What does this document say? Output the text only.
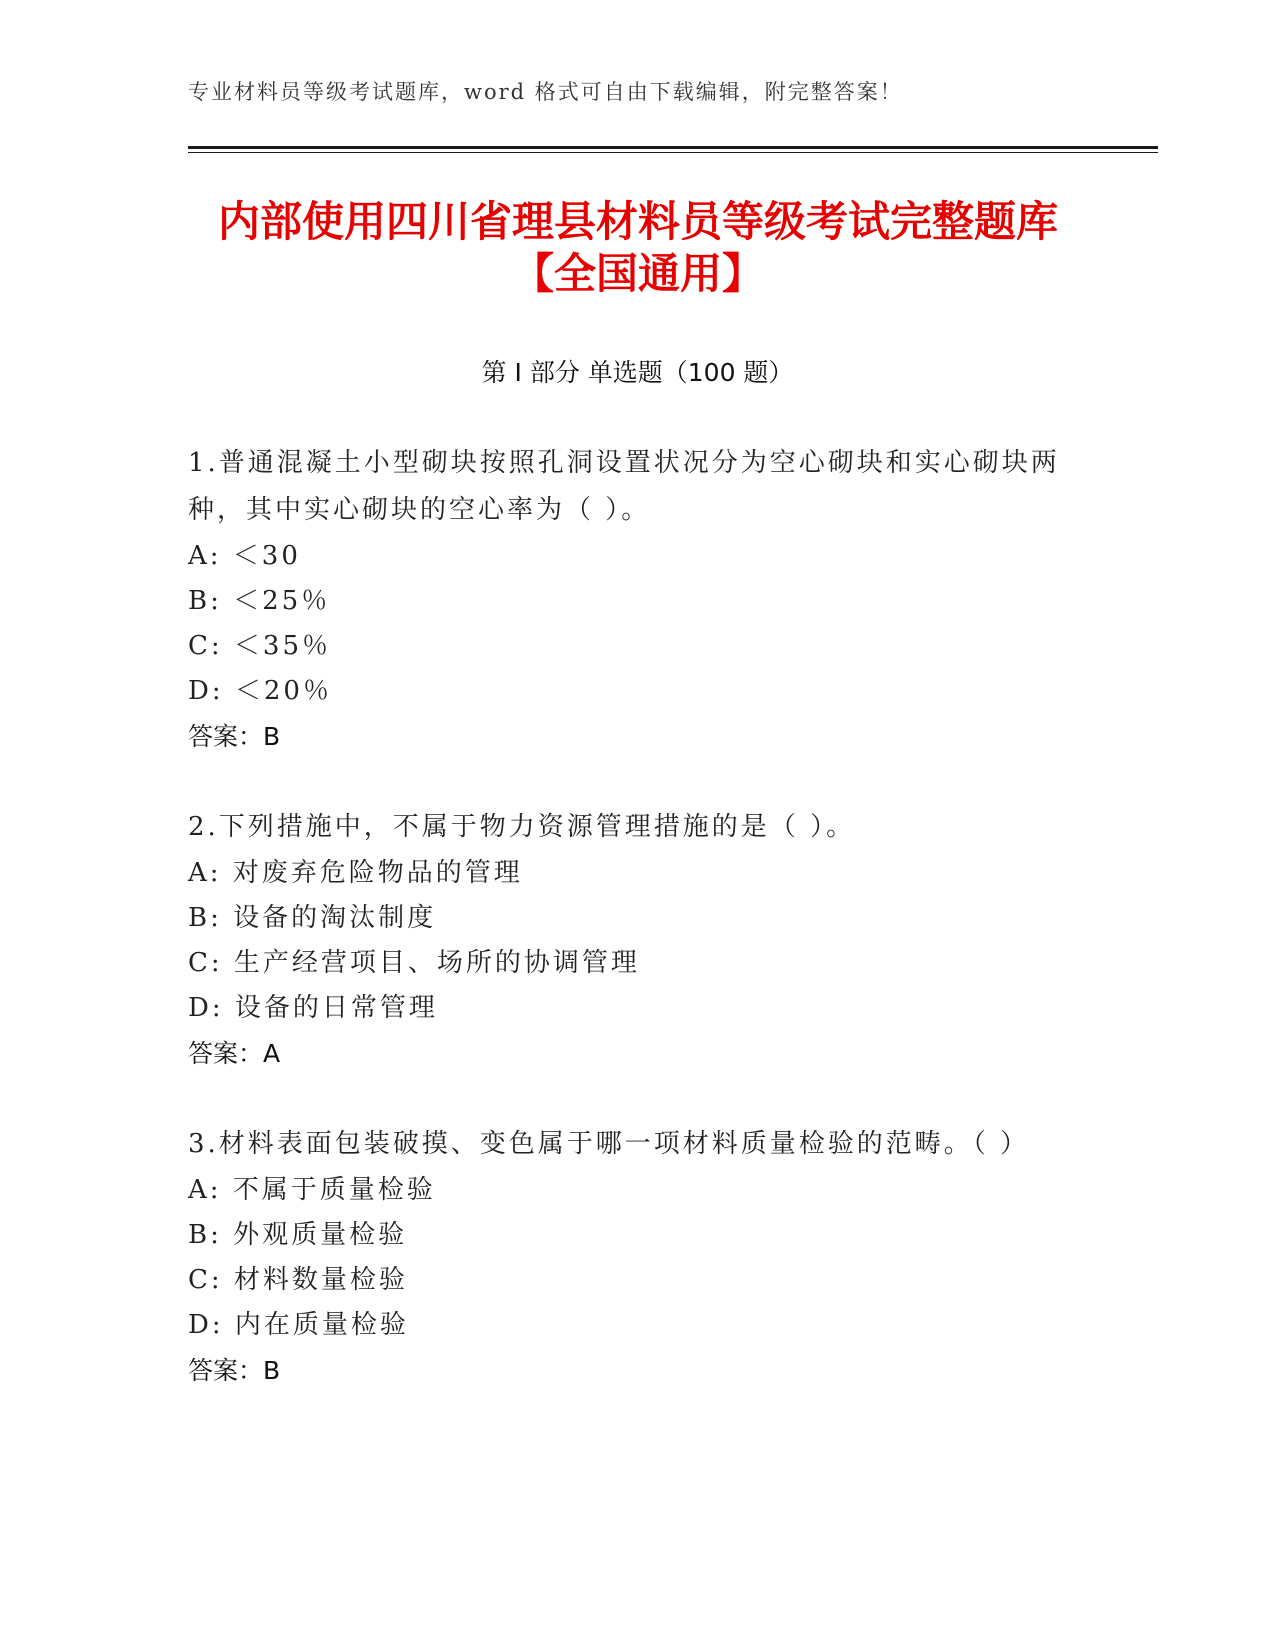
专业材料员等级考试题库，word 格式可自由下载编辑，附完整答案！
内部使用四川省理县材料员等级考试完整题库【全国通用】
第 I 部分 单选题（100 题）
1.普通混凝土小型砌块按照孔洞设置状况分为空心砌块和实心砌块两种，其中实心砌块的空心率为（ ）。
A: ＜30
B: ＜25％
C: ＜35％
D: ＜20％
答案：B
2.下列措施中，不属于物力资源管理措施的是（ ）。
A: 对废弃危险物品的管理
B: 设备的淘汰制度
C: 生产经营项目、场所的协调管理
D: 设备的日常管理
答案：A
3.材料表面包装破摸、变色属于哪一项材料质量检验的范畴。（ ）
A: 不属于质量检验
B: 外观质量检验
C: 材料数量检验
D: 内在质量检验
答案：B
